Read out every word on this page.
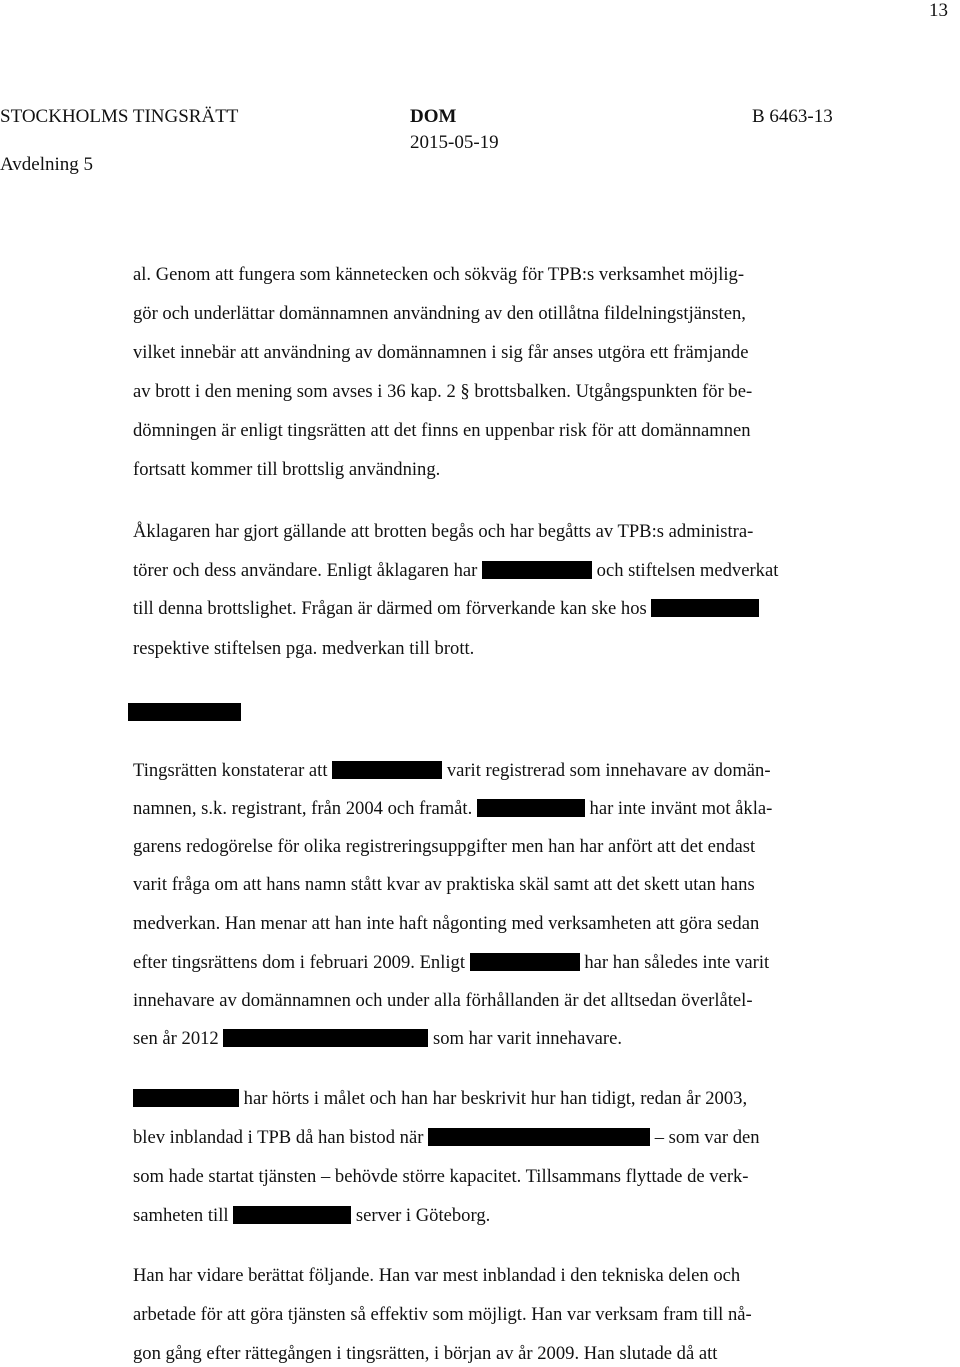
13
STOCKHOLMS TINGSRÄTT
Avdelning 5
DOM
2015-05-19
B 6463-13
al. Genom att fungera som kännetecken och sökväg för TPB:s verksamhet möjlig-
gör och underlättar domännamnen användning av den otillåtna fildelningstjänsten,
vilket innebär att användning av domännamnen i sig får anses utgöra ett främjande
av brott i den mening som avses i 36 kap. 2 § brottsbalken. Utgångspunkten för be-
dömningen är enligt tingsrätten att det finns en uppenbar risk för att domännamnen
fortsatt kommer till brottslig användning.
Åklagaren har gjort gällande att brotten begås och har begåtts av TPB:s administra-
törer och dess användare. Enligt åklagaren har	och stiftelsen medverkat
till denna brottslighet. Frågan är därmed om förverkande kan ske hos
respektive stiftelsen pga. medverkan till brott.
Tingsrätten konstaterar att	varit registrerad som innehavare av domän-
namnen, s.k. registrant, från 2004 och framåt.	har inte invänt mot åkla-
garens redogörelse för olika registreringsuppgifter men han har anfört att det endast
varit fråga om att hans namn stått kvar av praktiska skäl samt att det skett utan hans
medverkan. Han menar att han inte haft någonting med verksamheten att göra sedan
efter tingsrättens dom i februari 2009. Enligt	har han således inte varit
innehavare av domännamnen och under alla förhållanden är det alltsedan överlåtel-
sen år 2012	som har varit innehavare.
har hörts i målet och han har beskrivit hur han tidigt, redan år 2003,
blev inblandad i TPB då han bistod när	– som var den
som hade startat tjänsten – behövde större kapacitet. Tillsammans flyttade de verk-
samheten till	server i Göteborg.
Han har vidare berättat följande. Han var mest inblandad i den tekniska delen och
arbetade för att göra tjänsten så effektiv som möjligt. Han var verksam fram till nå-
gon gång efter rättegången i tingsrätten, i början av år 2009. Han slutade då att
